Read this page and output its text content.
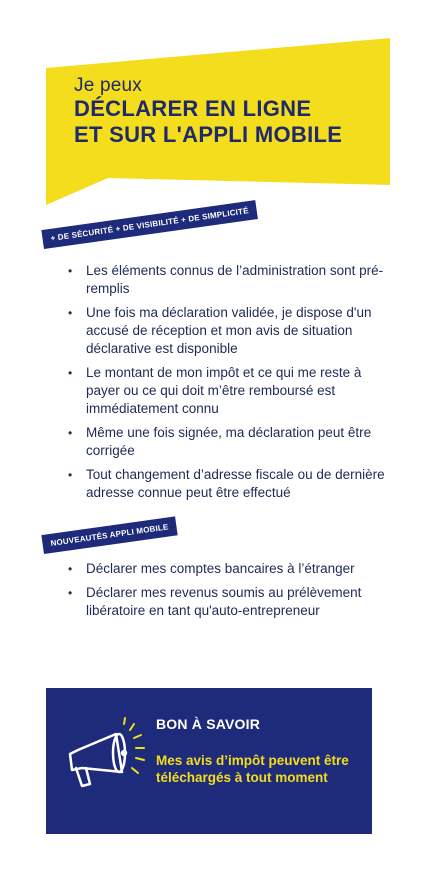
Je peux
DÉCLARER EN LIGNE
ET SUR L'APPLI MOBILE
+ DE SÉCURITÉ + DE VISIBILITÉ + DE SIMPLICITÉ
• Les éléments connus de l’administration sont pré-remplis
• Une fois ma déclaration validée, je dispose d'un accusé de réception et mon avis de situation déclarative est disponible
• Le montant de mon impôt et ce qui me reste à payer ou ce qui doit m’être remboursé est immédiatement connu
• Même une fois signée, ma déclaration peut être corrigée
• Tout changement d’adresse fiscale ou de dernière adresse connue peut être effectué
NOUVEAUTÉS APPLI MOBILE
• Déclarer mes comptes bancaires à l’étranger
• Déclarer mes revenus soumis au prélèvement libératoire en tant qu'auto-entrepreneur
BON À SAVOIR
Mes avis d’impôt peuvent être téléchargés à tout moment
